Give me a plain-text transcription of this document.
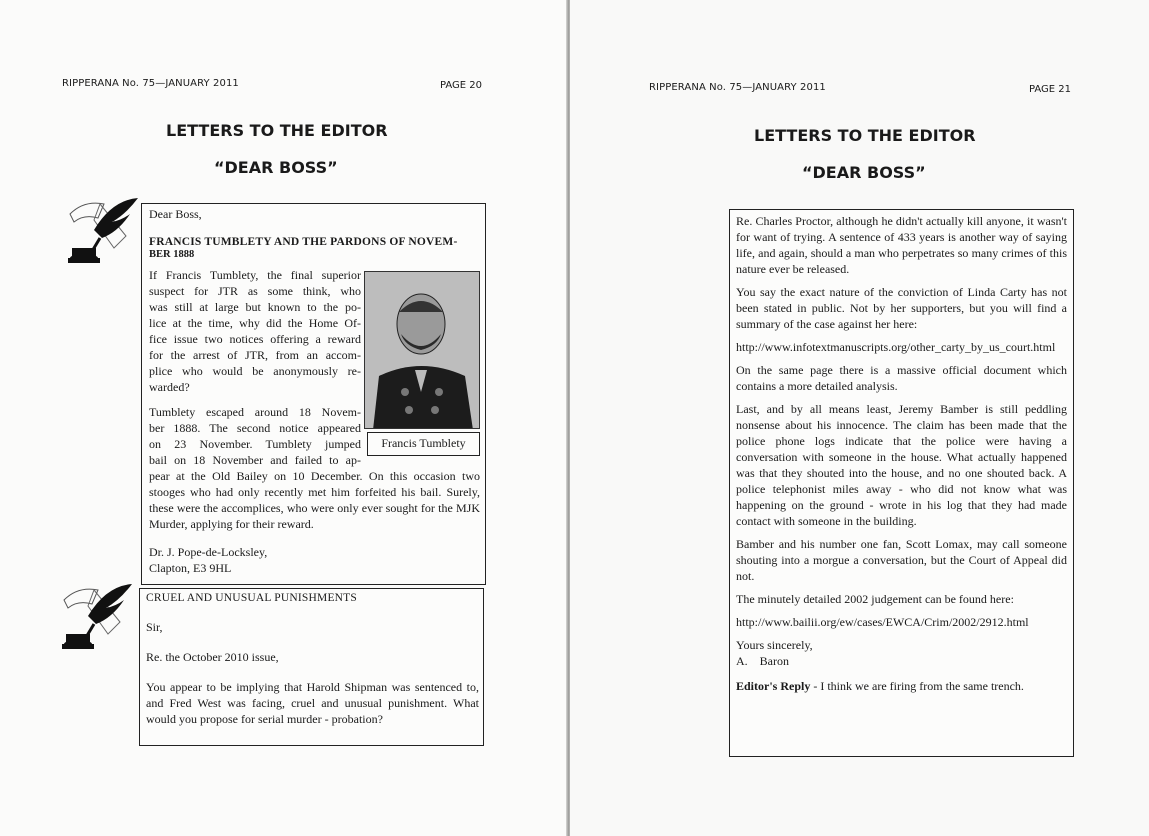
RIPPERANA No. 75—JANUARY 2011	PAGE 20
LETTERS TO THE EDITOR
“DEAR BOSS”
Dear Boss,
FRANCIS TUMBLETY AND THE PARDONS OF NOVEM-
BER 1888
If Francis Tumblety, the final superior
suspect for JTR as some think, who
was still at large but known to the po-
lice at the time, why did the Home Of-
fice issue two notices offering a reward
for the arrest of JTR, from an accom-
plice who would be anonymously re-
warded?
Tumblety escaped around 18 Novem-
ber 1888. The second notice appeared
on 23 November. Tumblety jumped
bail on 18 November and failed to ap-
pear at the Old Bailey on 10 December. On this occasion two stooges who had only recently met him forfeited his bail. Surely, these were the accomplices, who were only ever sought for the MJK Murder, applying for their reward.
Francis Tumblety
Dr. J. Pope-de-Locksley,
Clapton, E3 9HL
CRUEL AND UNUSUAL PUNISHMENTS
Sir,
Re. the October 2010 issue,
You appear to be implying that Harold Shipman was sentenced to, and Fred West was facing, cruel and unusual punishment. What would you propose for serial murder - probation?
RIPPERANA No. 75—JANUARY 2011	PAGE 21
LETTERS TO THE EDITOR
“DEAR BOSS”

Re. Charles Proctor, although he didn't actually kill anyone, it wasn't for want of trying. A sentence of 433 years is another way of saying life, and again, should a man who perpetrates so many crimes of this nature ever be released.

You say the exact nature of the conviction of Linda Carty has not been stated in public. Not by her supporters, but you will find a summary of the case against her here:

http://www.infotextmanuscripts.org/other_carty_by_us_court.html

On the same page there is a massive official document which contains a more detailed analysis.

Last, and by all means least, Jeremy Bamber is still peddling nonsense about his innocence. The claim has been made that the police phone logs indicate that the police were having a conversation with someone in the house. What actually happened was that they shouted into the house, and no one shouted back. A police telephonist miles away - who did not know what was happening on the ground - wrote in his log that they had made contact with someone in the building.

Bamber and his number one fan, Scott Lomax, may call someone shouting into a morgue a conversation, but the Court of Appeal did not.

The minutely detailed 2002 judgement can be found here:

http://www.bailii.org/ew/cases/EWCA/Crim/2002/2912.html

Yours sincerely,

A.    Baron

Editor's Reply - I think we are firing from the same trench.
